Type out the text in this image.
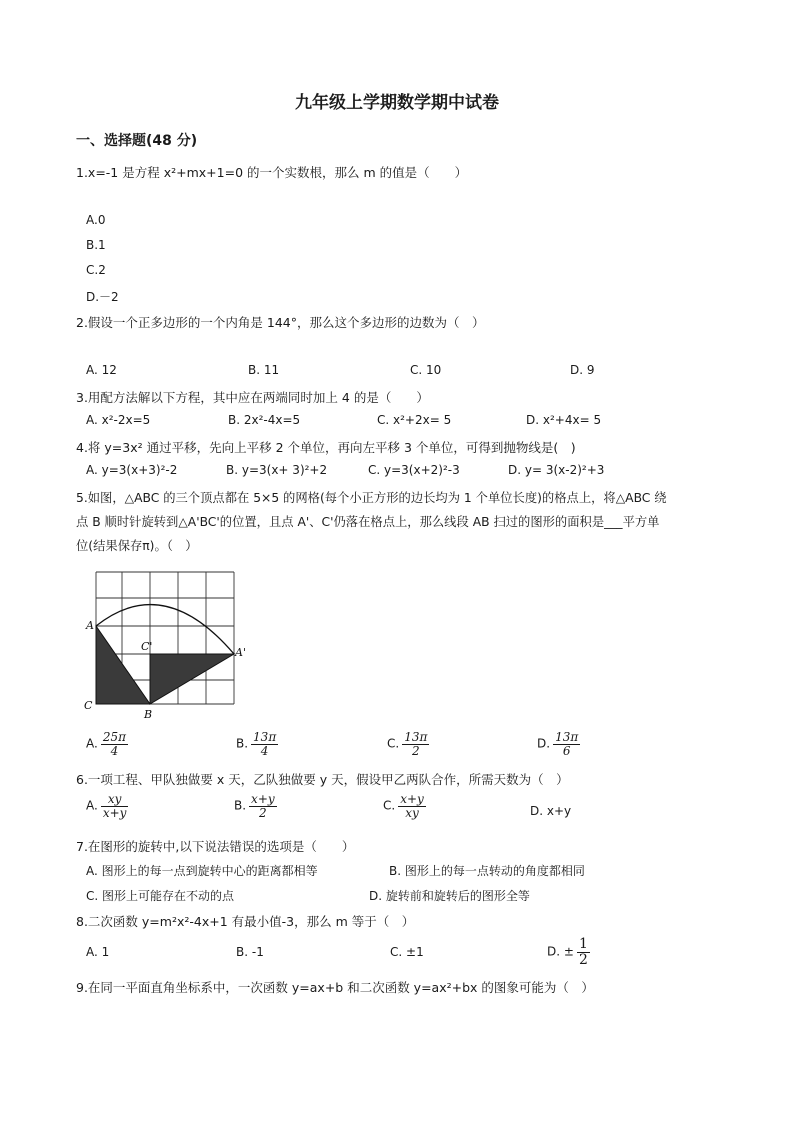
九年级上学期数学期中试卷
一、选择题(48 分)
1.x=-1 是方程 x²+mx+1=0 的一个实数根，那么 m 的值是（　　）
A.0
B.1
C.2
D.－2
2.假设一个正多边形的一个内角是 144°，那么这个多边形的边数为（　）
A. 12	B. 11	C. 10	D. 9
3.用配方法解以下方程，其中应在两端同时加上 4 的是（　　）
A. x²-2x=5	B. 2x²-4x=5	C. x²+2x= 5	D. x²+4x= 5
4.将 y=3x² 通过平移，先向上平移 2 个单位，再向左平移 3 个单位，可得到抛物线是(　)
A. y=3(x+3)²-2	B. y=3(x+ 3)²+2	C. y=3(x+2)²-3	D. y= 3(x-2)²+3
5.如图，△ABC 的三个顶点都在 5×5 的网格(每个小正方形的边长均为 1 个单位长度)的格点上，将△ABC 绕
点 B 顺时针旋转到△A'BC'的位置，且点 A'、C'仍落在格点上，那么线段 AB 扫过的图形的面积是___平方单
位(结果保存π)。（　）
A
A'
C'
C
B
A. $\frac{25\pi}{4}$	B. $\frac{13\pi}{4}$	C. $\frac{13\pi}{2}$	D. $\frac{13\pi}{6}$
6.一项工程、甲队独做要 x 天，乙队独做要 y 天，假设甲乙两队合作，所需天数为（　）
A. $\frac{xy}{x+y}$	B. $\frac{x+y}{2}$	C. $\frac{x+y}{xy}$	D. x+y
7.在图形的旋转中,以下说法错误的选项是（　　）
A. 图形上的每一点到旋转中心的距离都相等	B. 图形上的每一点转动的角度都相同
C. 图形上可能存在不动的点	D. 旋转前和旋转后的图形全等
8.二次函数 y=m²x²-4x+1 有最小值-3，那么 m 等于（　）
A. 1	B. -1	C. ±1	D. ± $\frac{1}{2}$
9.在同一平面直角坐标系中，一次函数 y=ax+b 和二次函数 y=ax²+bx 的图象可能为（　）
